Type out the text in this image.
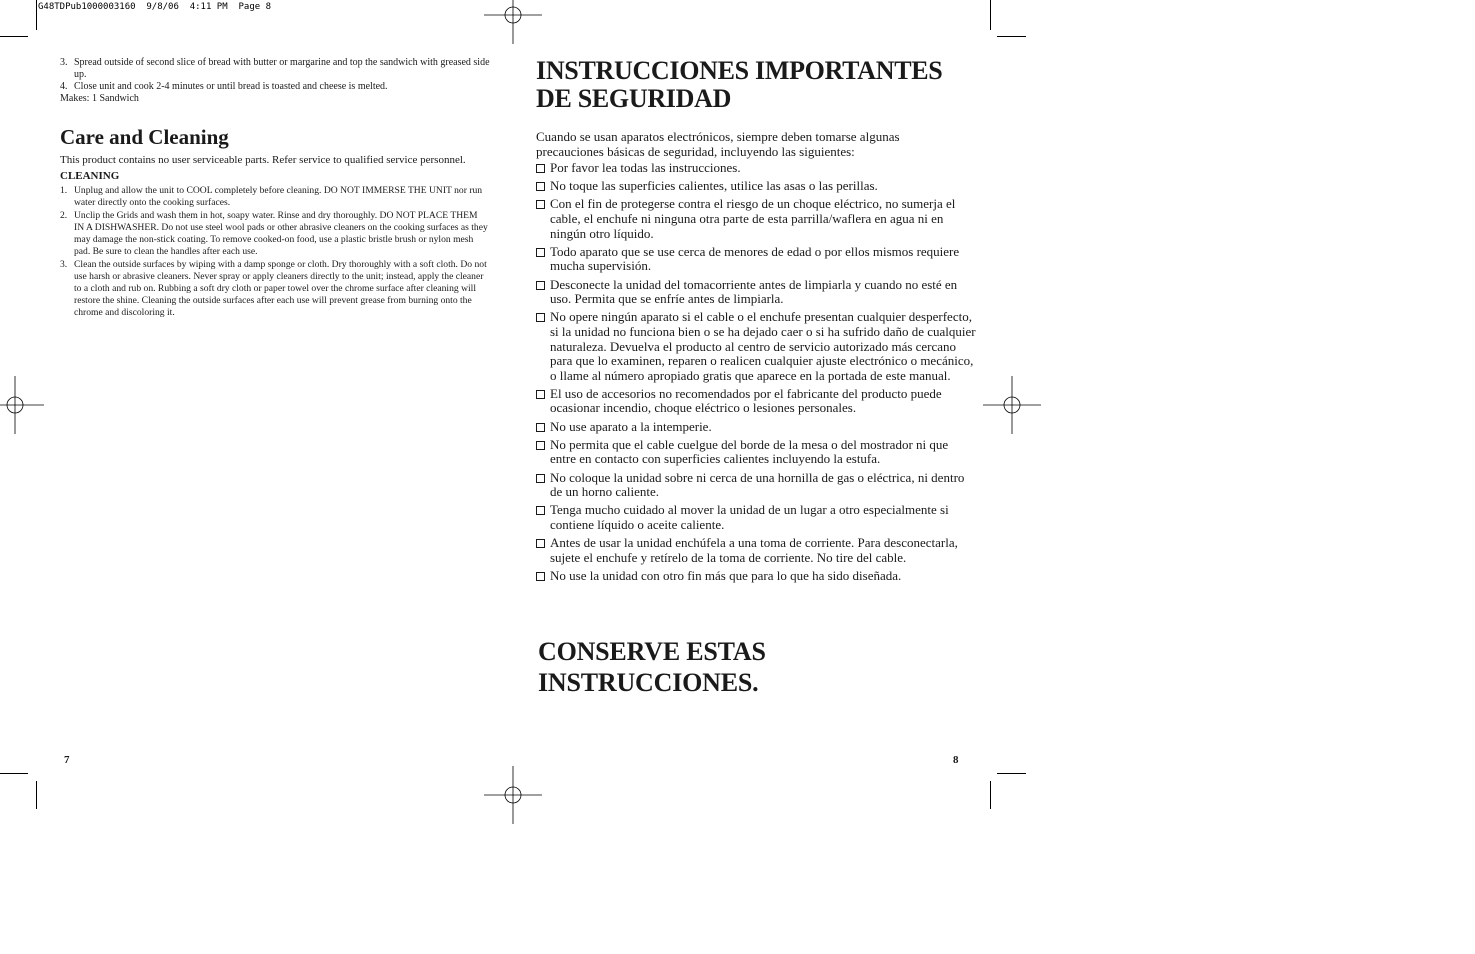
G48TDPub1000003160  9/8/06  4:11 PM  Page 8
3. Spread outside of second slice of bread with butter or margarine and top the sandwich with greased side up.
4. Close unit and cook 2-4 minutes or until bread is toasted and cheese is melted.

Makes: 1 Sandwich

Care and Cleaning

This product contains no user serviceable parts. Refer service to qualified service personnel.

CLEANING

1. Unplug and allow the unit to COOL completely before cleaning. DO NOT IMMERSE THE UNIT nor run water directly onto the cooking surfaces.
2. Unclip the Grids and wash them in hot, soapy water. Rinse and dry thoroughly. DO NOT PLACE THEM IN A DISHWASHER. Do not use steel wool pads or other abrasive cleaners on the cooking surfaces as they may damage the non-stick coating. To remove cooked-on food, use a plastic bristle brush or nylon mesh pad. Be sure to clean the handles after each use.
3. Clean the outside surfaces by wiping with a damp sponge or cloth. Dry thoroughly with a soft cloth. Do not use harsh or abrasive cleaners. Never spray or apply cleaners directly to the unit; instead, apply the cleaner to a cloth and rub on. Rubbing a soft dry cloth or paper towel over the chrome surface after cleaning will restore the shine. Cleaning the outside surfaces after each use will prevent grease from burning onto the chrome and discoloring it.
7
INSTRUCCIONES IMPORTANTES
DE SEGURIDAD

Cuando se usan aparatos electrónicos, siempre deben tomarse algunas precauciones básicas de seguridad, incluyendo las siguientes:

Por favor lea todas las instrucciones.
No toque las superficies calientes, utilice las asas o las perillas.
Con el fin de protegerse contra el riesgo de un choque eléctrico, no sumerja el cable, el enchufe ni ninguna otra parte de esta parrilla/waflera en agua ni en ningún otro líquido.
Todo aparato que se use cerca de menores de edad o por ellos mismos requiere mucha supervisión.
Desconecte la unidad del tomacorriente antes de limpiarla y cuando no esté en uso. Permita que se enfríe antes de limpiarla.
No opere ningún aparato si el cable o el enchufe presentan cualquier desperfecto, si la unidad no funciona bien o se ha dejado caer o si ha sufrido daño de cualquier naturaleza. Devuelva el producto al centro de servicio autorizado más cercano para que lo examinen, reparen o realicen cualquier ajuste electrónico o mecánico, o llame al número apropiado gratis que aparece en la portada de este manual.
El uso de accesorios no recomendados por el fabricante del producto puede ocasionar incendio, choque eléctrico o lesiones personales.
No use aparato a la intemperie.
No permita que el cable cuelgue del borde de la mesa o del mostrador ni que entre en contacto con superficies calientes incluyendo la estufa.
No coloque la unidad sobre ni cerca de una hornilla de gas o eléctrica, ni dentro de un horno caliente.
Tenga mucho cuidado al mover la unidad de un lugar a otro especialmente si contiene líquido o aceite caliente.
Antes de usar la unidad enchúfela a una toma de corriente. Para desconectarla, sujete el enchufe y retírelo de la toma de corriente. No tire del cable.
No use la unidad con otro fin más que para lo que ha sido diseñada.
CONSERVE ESTAS
INSTRUCCIONES.
8
